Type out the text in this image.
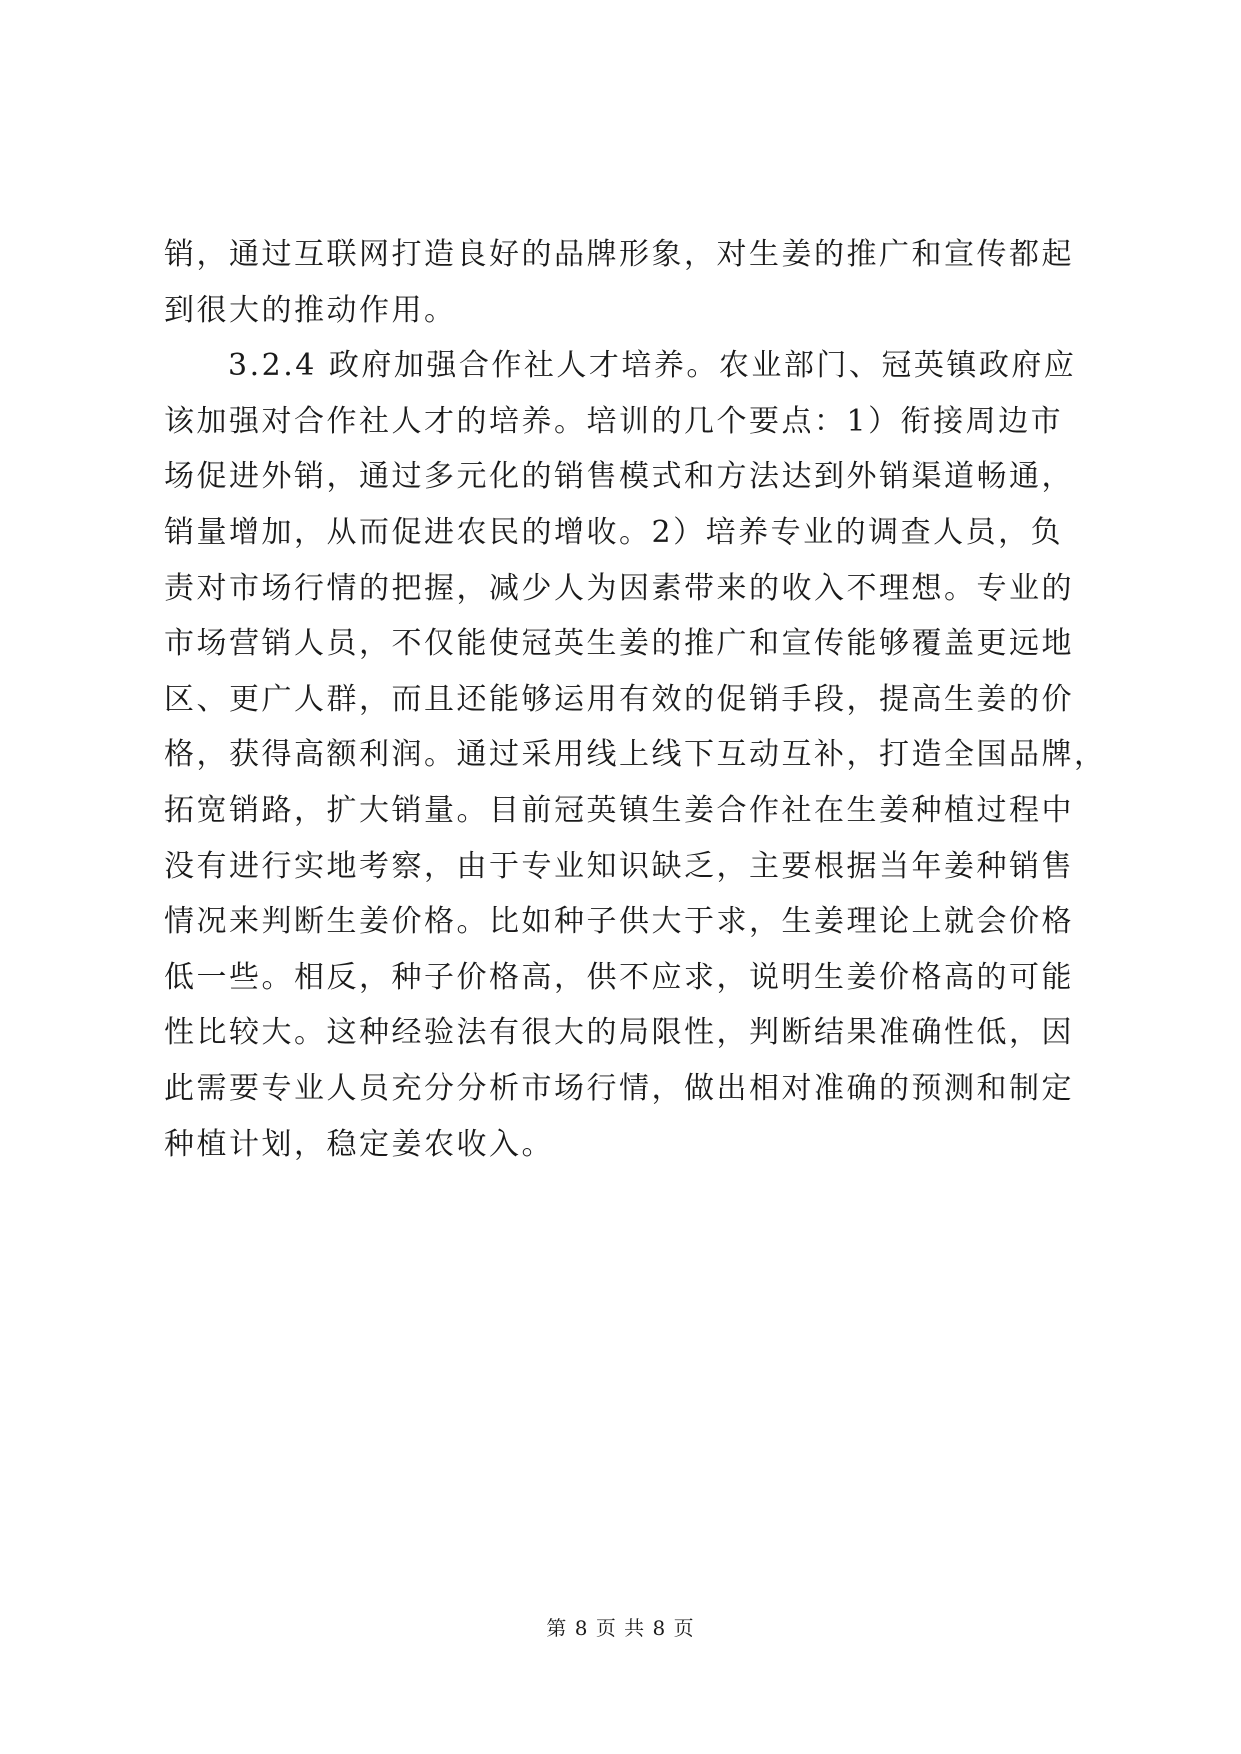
销，通过互联网打造良好的品牌形象，对生姜的推广和宣传都起
到很大的推动作用。
3.2.4 政府加强合作社人才培养。农业部门、冠英镇政府应
该加强对合作社人才的培养。培训的几个要点：1）衔接周边市
场促进外销，通过多元化的销售模式和方法达到外销渠道畅通，
销量增加，从而促进农民的增收。2）培养专业的调查人员，负
责对市场行情的把握，减少人为因素带来的收入不理想。专业的
市场营销人员，不仅能使冠英生姜的推广和宣传能够覆盖更远地
区、更广人群，而且还能够运用有效的促销手段，提高生姜的价
格，获得高额利润。通过采用线上线下互动互补，打造全国品牌，
拓宽销路，扩大销量。目前冠英镇生姜合作社在生姜种植过程中
没有进行实地考察，由于专业知识缺乏，主要根据当年姜种销售
情况来判断生姜价格。比如种子供大于求，生姜理论上就会价格
低一些。相反，种子价格高，供不应求，说明生姜价格高的可能
性比较大。这种经验法有很大的局限性，判断结果准确性低，因
此需要专业人员充分分析市场行情，做出相对准确的预测和制定
种植计划，稳定姜农收入。
第 8 页 共 8 页
